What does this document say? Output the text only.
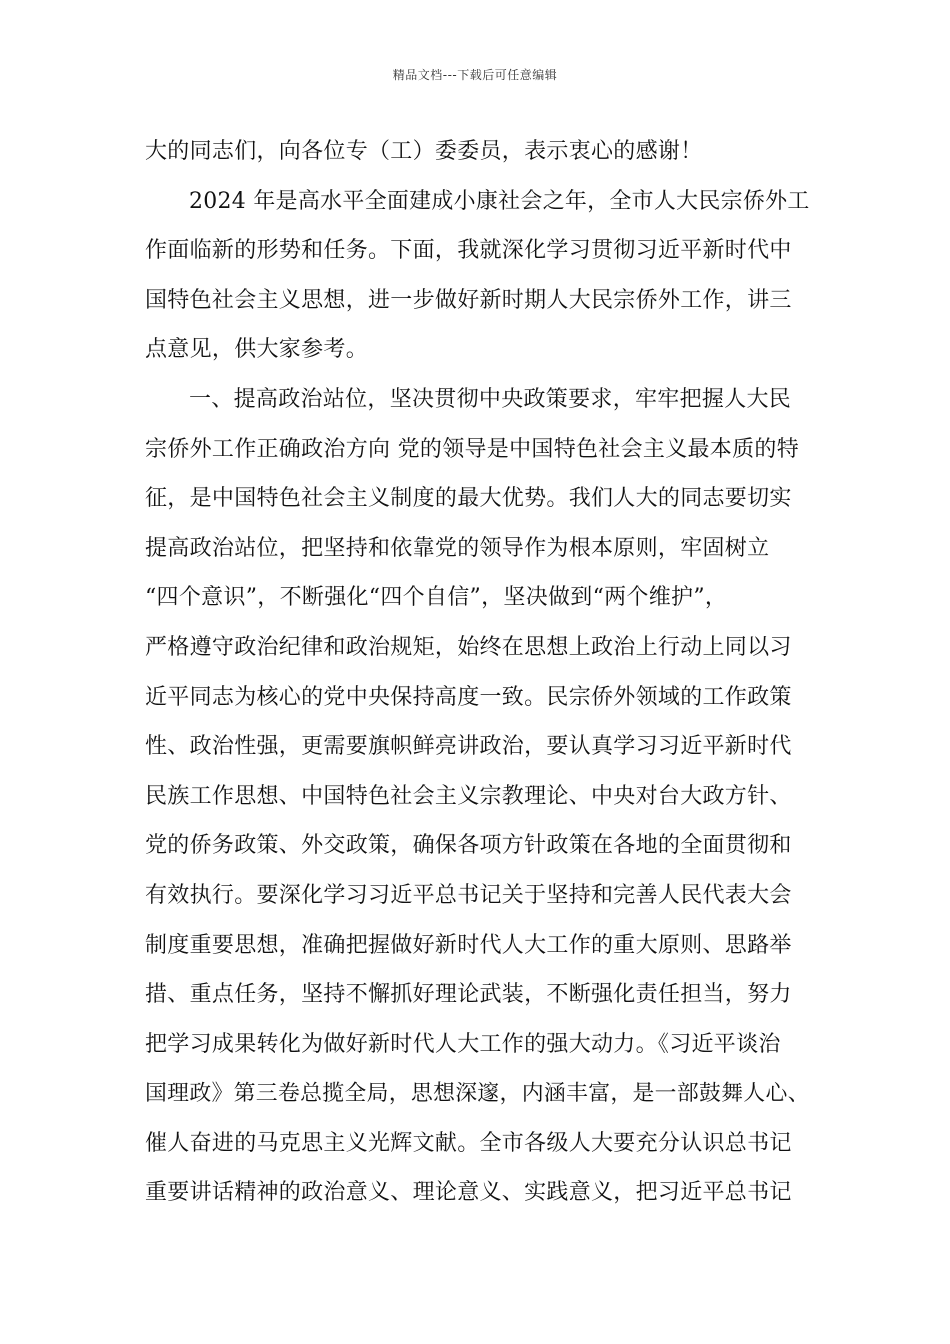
精品文档---下载后可任意编辑
大的同志们，向各位专（工）委委员，表示衷心的感谢！
2024 年是高水平全面建成小康社会之年，全市人大民宗侨外工
作面临新的形势和任务。下面，我就深化学习贯彻习近平新时代中
国特色社会主义思想，进一步做好新时期人大民宗侨外工作，讲三
点意见，供大家参考。
一、提高政治站位，坚决贯彻中央政策要求，牢牢把握人大民
宗侨外工作正确政治方向 党的领导是中国特色社会主义最本质的特
征，是中国特色社会主义制度的最大优势。我们人大的同志要切实
提高政治站位，把坚持和依靠党的领导作为根本原则，牢固树立
“四个意识”，不断强化“四个自信”，坚决做到“两个维护”，
严格遵守政治纪律和政治规矩，始终在思想上政治上行动上同以习
近平同志为核心的党中央保持高度一致。民宗侨外领域的工作政策
性、政治性强，更需要旗帜鲜亮讲政治，要认真学习习近平新时代
民族工作思想、中国特色社会主义宗教理论、中央对台大政方针、
党的侨务政策、外交政策，确保各项方针政策在各地的全面贯彻和
有效执行。要深化学习习近平总书记关于坚持和完善人民代表大会
制度重要思想，准确把握做好新时代人大工作的重大原则、思路举
措、重点任务，坚持不懈抓好理论武装，不断强化责任担当，努力
把学习成果转化为做好新时代人大工作的强大动力。《习近平谈治
国理政》第三卷总揽全局，思想深邃，内涵丰富，是一部鼓舞人心、
催人奋进的马克思主义光辉文献。全市各级人大要充分认识总书记
重要讲话精神的政治意义、理论意义、实践意义，把习近平总书记
